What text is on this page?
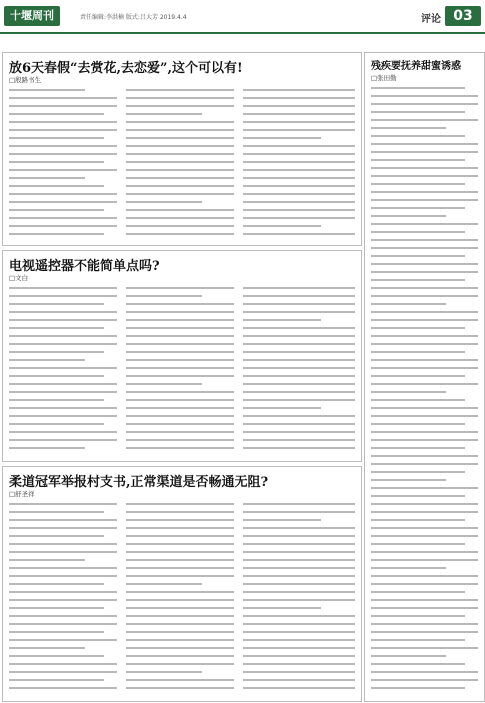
十堰周刊	责任编辑:李洪楠 版式:吕大芳 2019.4.4	评论 03
放6天春假“去赏花,去恋爱”,这个可以有!
□殷路书生
电视遥控器不能简单点吗?
□文白
柔道冠军举报村支书,正常渠道是否畅通无阻?
□舒圣祥
残疾要抚养甜蜜诱惑
□张田勤
